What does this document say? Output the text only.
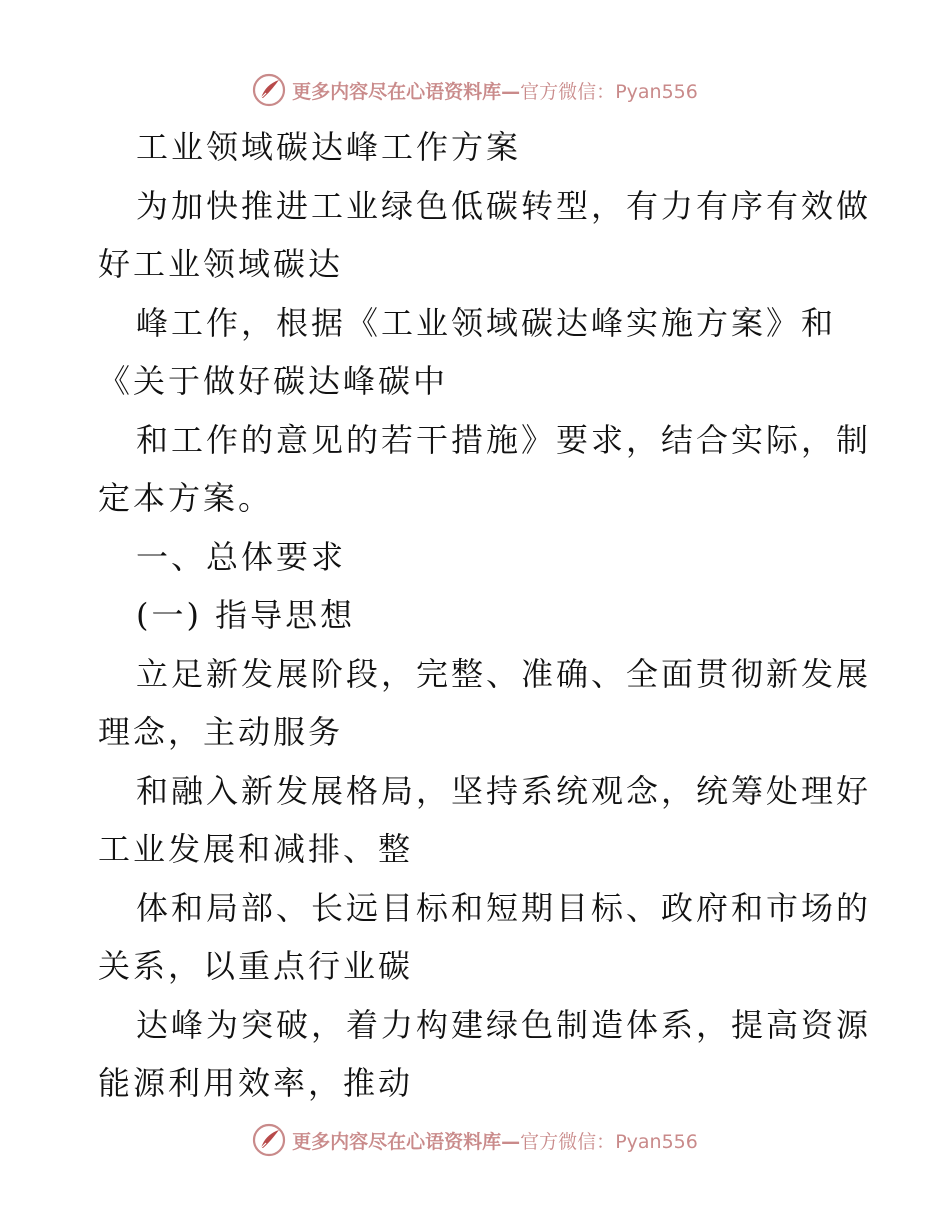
更多内容尽在心语资料库—官方微信：Pyan556
工业领域碳达峰工作方案
为加快推进工业绿色低碳转型，有力有序有效做
好工业领域碳达
峰工作，根据《工业领域碳达峰实施方案》和
《关于做好碳达峰碳中
和工作的意见的若干措施》要求，结合实际，制
定本方案。
一、总体要求
(一) 指导思想
立足新发展阶段，完整、准确、全面贯彻新发展
理念，主动服务
和融入新发展格局，坚持系统观念，统筹处理好
工业发展和减排、整
体和局部、长远目标和短期目标、政府和市场的
关系，以重点行业碳
达峰为突破，着力构建绿色制造体系，提高资源
能源利用效率，推动
更多内容尽在心语资料库—官方微信：Pyan556
